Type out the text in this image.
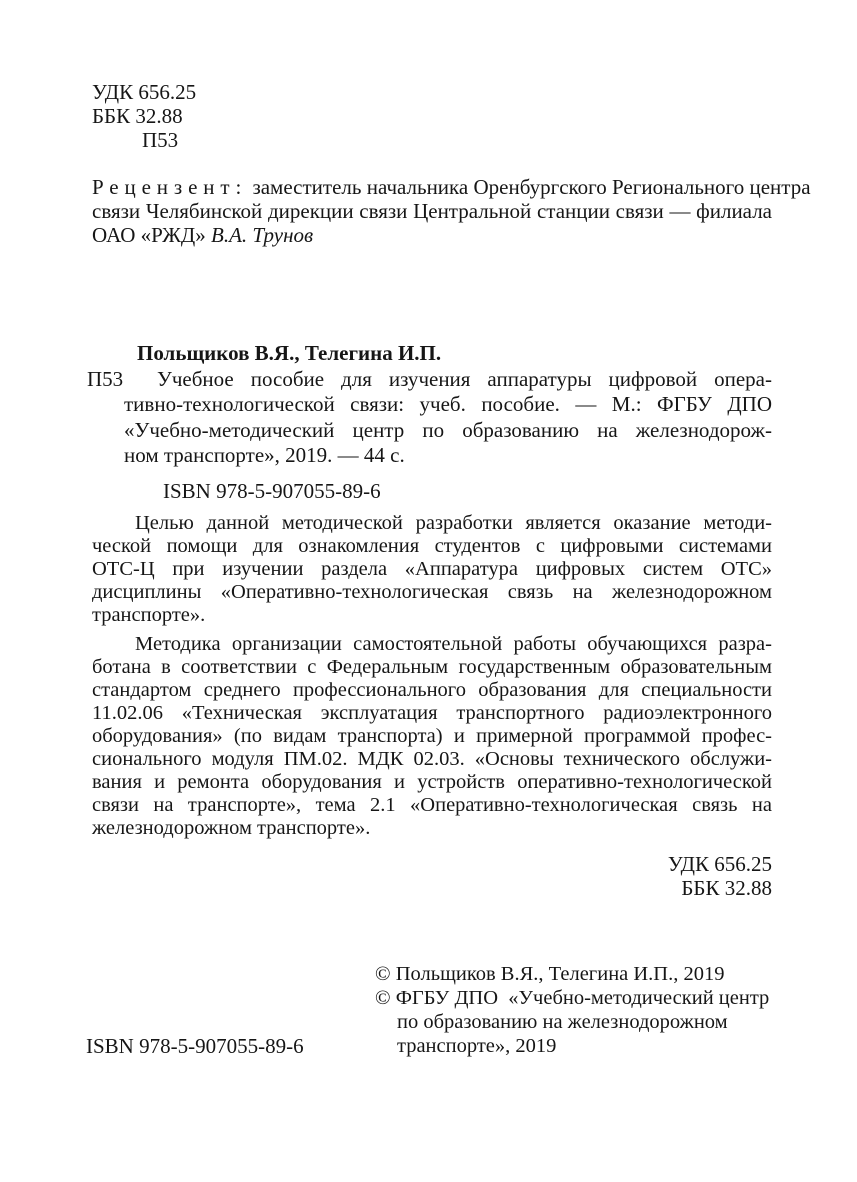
УДК 656.25
ББК 32.88
П53
Рецензент: заместитель начальника Оренбургского Регионального центра
связи Челябинской дирекции связи Центральной станции связи — филиала
ОАО «РЖД» В.А. Трунов
Польщиков В.Я., Телегина И.П.
П53	Учебное пособие для изучения аппаратуры цифровой опера-
тивно-технологической связи: учеб. пособие. — М.: ФГБУ ДПО
«Учебно-методический центр по образованию на железнодорож-
ном транспорте», 2019. — 44 с.
ISBN 978-5-907055-89-6
Целью данной методической разработки является оказание методи-
ческой помощи для ознакомления студентов с цифровыми системами
ОТС-Ц при изучении раздела «Аппаратура цифровых систем ОТС»
дисциплины «Оперативно-технологическая связь на железнодорожном
транспорте».
Методика организации самостоятельной работы обучающихся разра-
ботана в соответствии с Федеральным государственным образовательным
стандартом среднего профессионального образования для специальности
11.02.06 «Техническая эксплуатация транспортного радиоэлектронного
оборудования» (по видам транспорта) и примерной программой профес-
сионального модуля ПМ.02. МДК 02.03. «Основы технического обслужи-
вания и ремонта оборудования и устройств оперативно-технологической
связи на транспорте», тема 2.1 «Оперативно-технологическая связь на
железнодорожном транспорте».
УДК 656.25
ББК 32.88
ISBN 978-5-907055-89-6
© Польщиков В.Я., Телегина И.П., 2019
© ФГБУ ДПО  «Учебно-методический центр
по образованию на железнодорожном
транспорте», 2019
